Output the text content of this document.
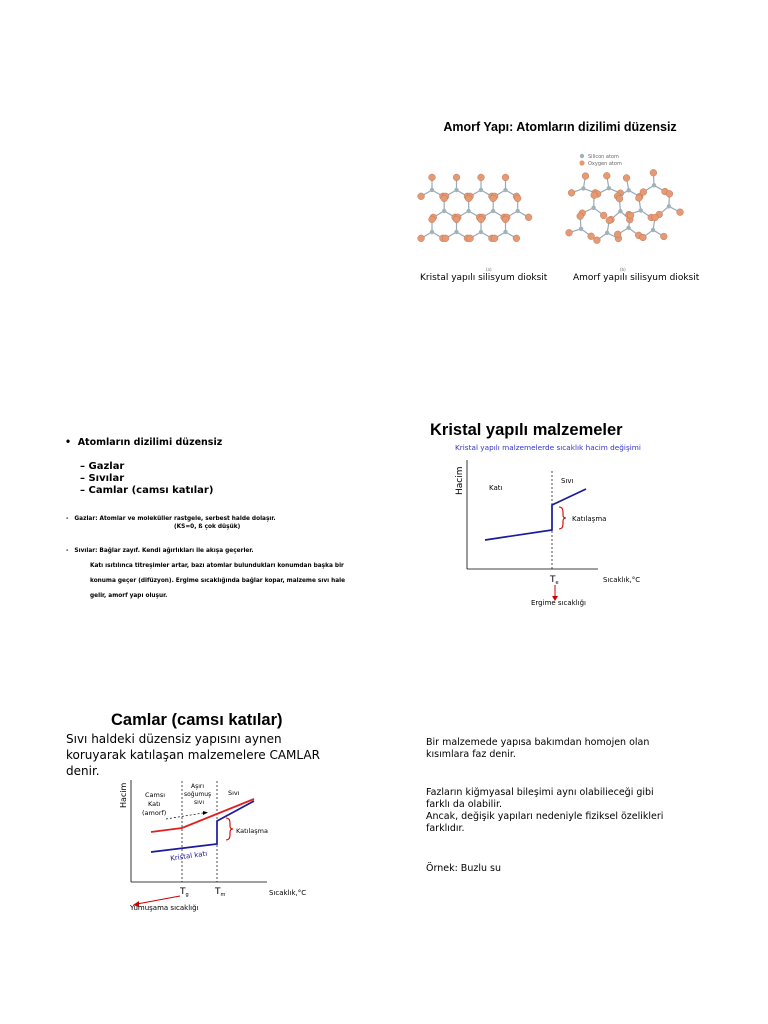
Amorf Yapı: Atomların dizilimi düzensiz
Silicon atom
Oxygen atom
(a)	(b)
Kristal yapılı silisyum dioksit	Amorf yapılı silisyum dioksit
•  Atomların dizilimi düzensiz
– Gazlar
– Sıvılar
– Camlar (camsı katılar)
- Gazlar: Atomlar ve moleküller rastgele, serbest halde dolaşır.
(KS=0, ß çok düşük)
- Sıvılar: Bağlar zayıf. Kendi ağırlıkları ile akışa geçerler.
Katı ısıtılınca titreşimler artar, bazı atomlar bulundukları konumdan başka bir
konuma geçer (difüzyon). Ergime sıcaklığında bağlar kopar, malzeme sıvı hale
gelir, amorf yapı oluşur.
Kristal yapılı malzemeler
Kristal yapılı malzemelerde sıcaklık hacim değişimi
Hacim	Katı
Sıvı
Katılaşma
$T_e$	Sıcaklık,°C
Ergime sıcaklığı
Camlar (camsı katılar)
Sıvı haldeki düzensiz yapısını aynen
koruyarak katılaşan malzemelere CAMLAR
denir.
Hacim	Camsı Katı (amorf)
Aşırı soğumuş sıvı
Sıvı
Katılaşma
Kristal katı
$T_g$	$T_m$	Sıcaklık,°C
Yumuşama sıcaklığı
Bir malzemede yapısa bakımdan homojen olan
kısımlara faz denir.
Fazların kiğmyasal bileşimi aynı olabilieceği gibi
farklı da olabilir.
Ancak, değişik yapıları nedeniyle fiziksel özelikleri
farklıdır.
Örnek: Buzlu su
